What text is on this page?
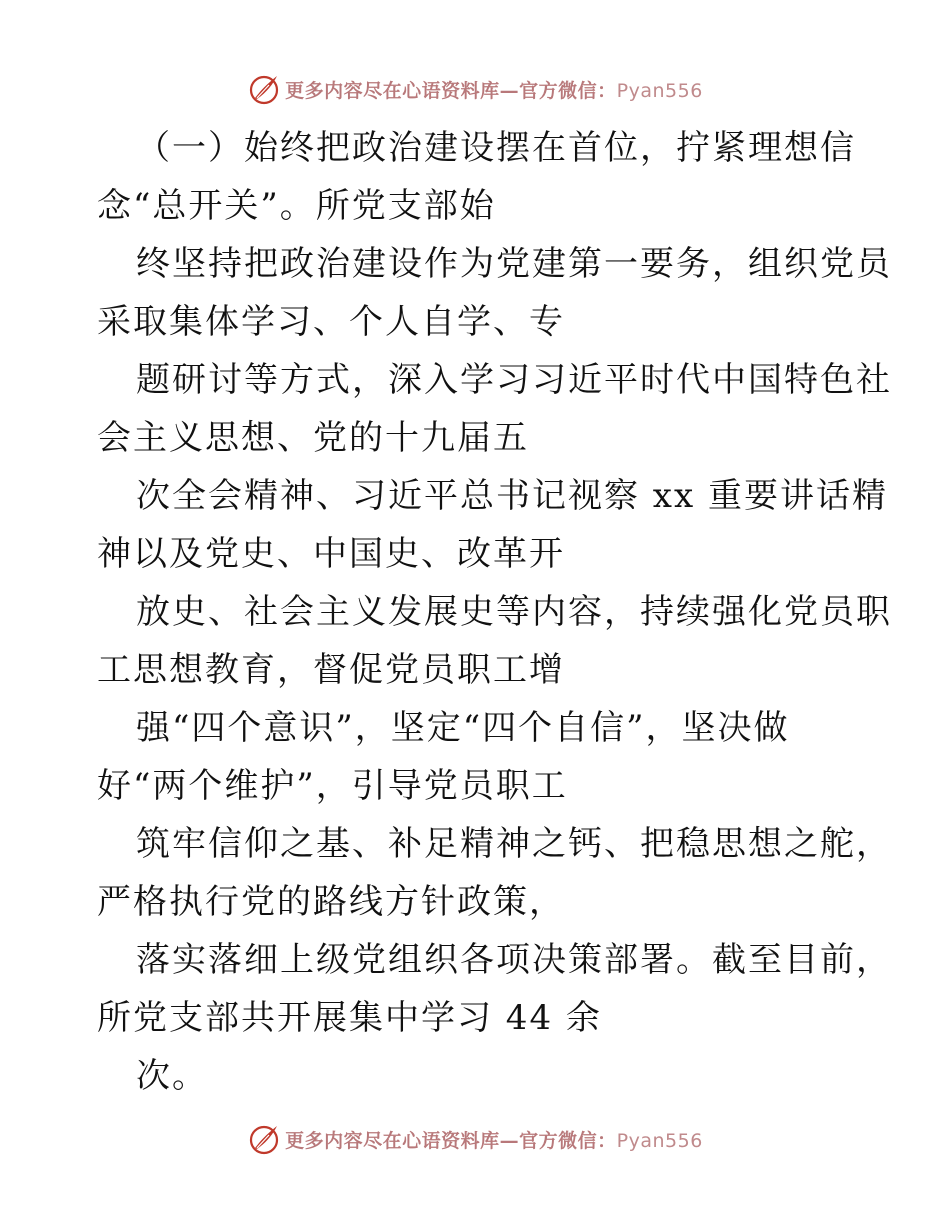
更多内容尽在心语资料库—官方微信：Pyan556
（一）始终把政治建设摆在首位，拧紧理想信
念“总开关”。所党支部始
终坚持把政治建设作为党建第一要务，组织党员
采取集体学习、个人自学、专
题研讨等方式，深入学习习近平时代中国特色社
会主义思想、党的十九届五
次全会精神、习近平总书记视察 xx 重要讲话精
神以及党史、中国史、改革开
放史、社会主义发展史等内容，持续强化党员职
工思想教育，督促党员职工增
强“四个意识”，坚定“四个自信”，坚决做
好“两个维护”，引导党员职工
筑牢信仰之基、补足精神之钙、把稳思想之舵，
严格执行党的路线方针政策，
落实落细上级党组织各项决策部署。截至目前，
所党支部共开展集中学习 44 余
次。
更多内容尽在心语资料库—官方微信：Pyan556
